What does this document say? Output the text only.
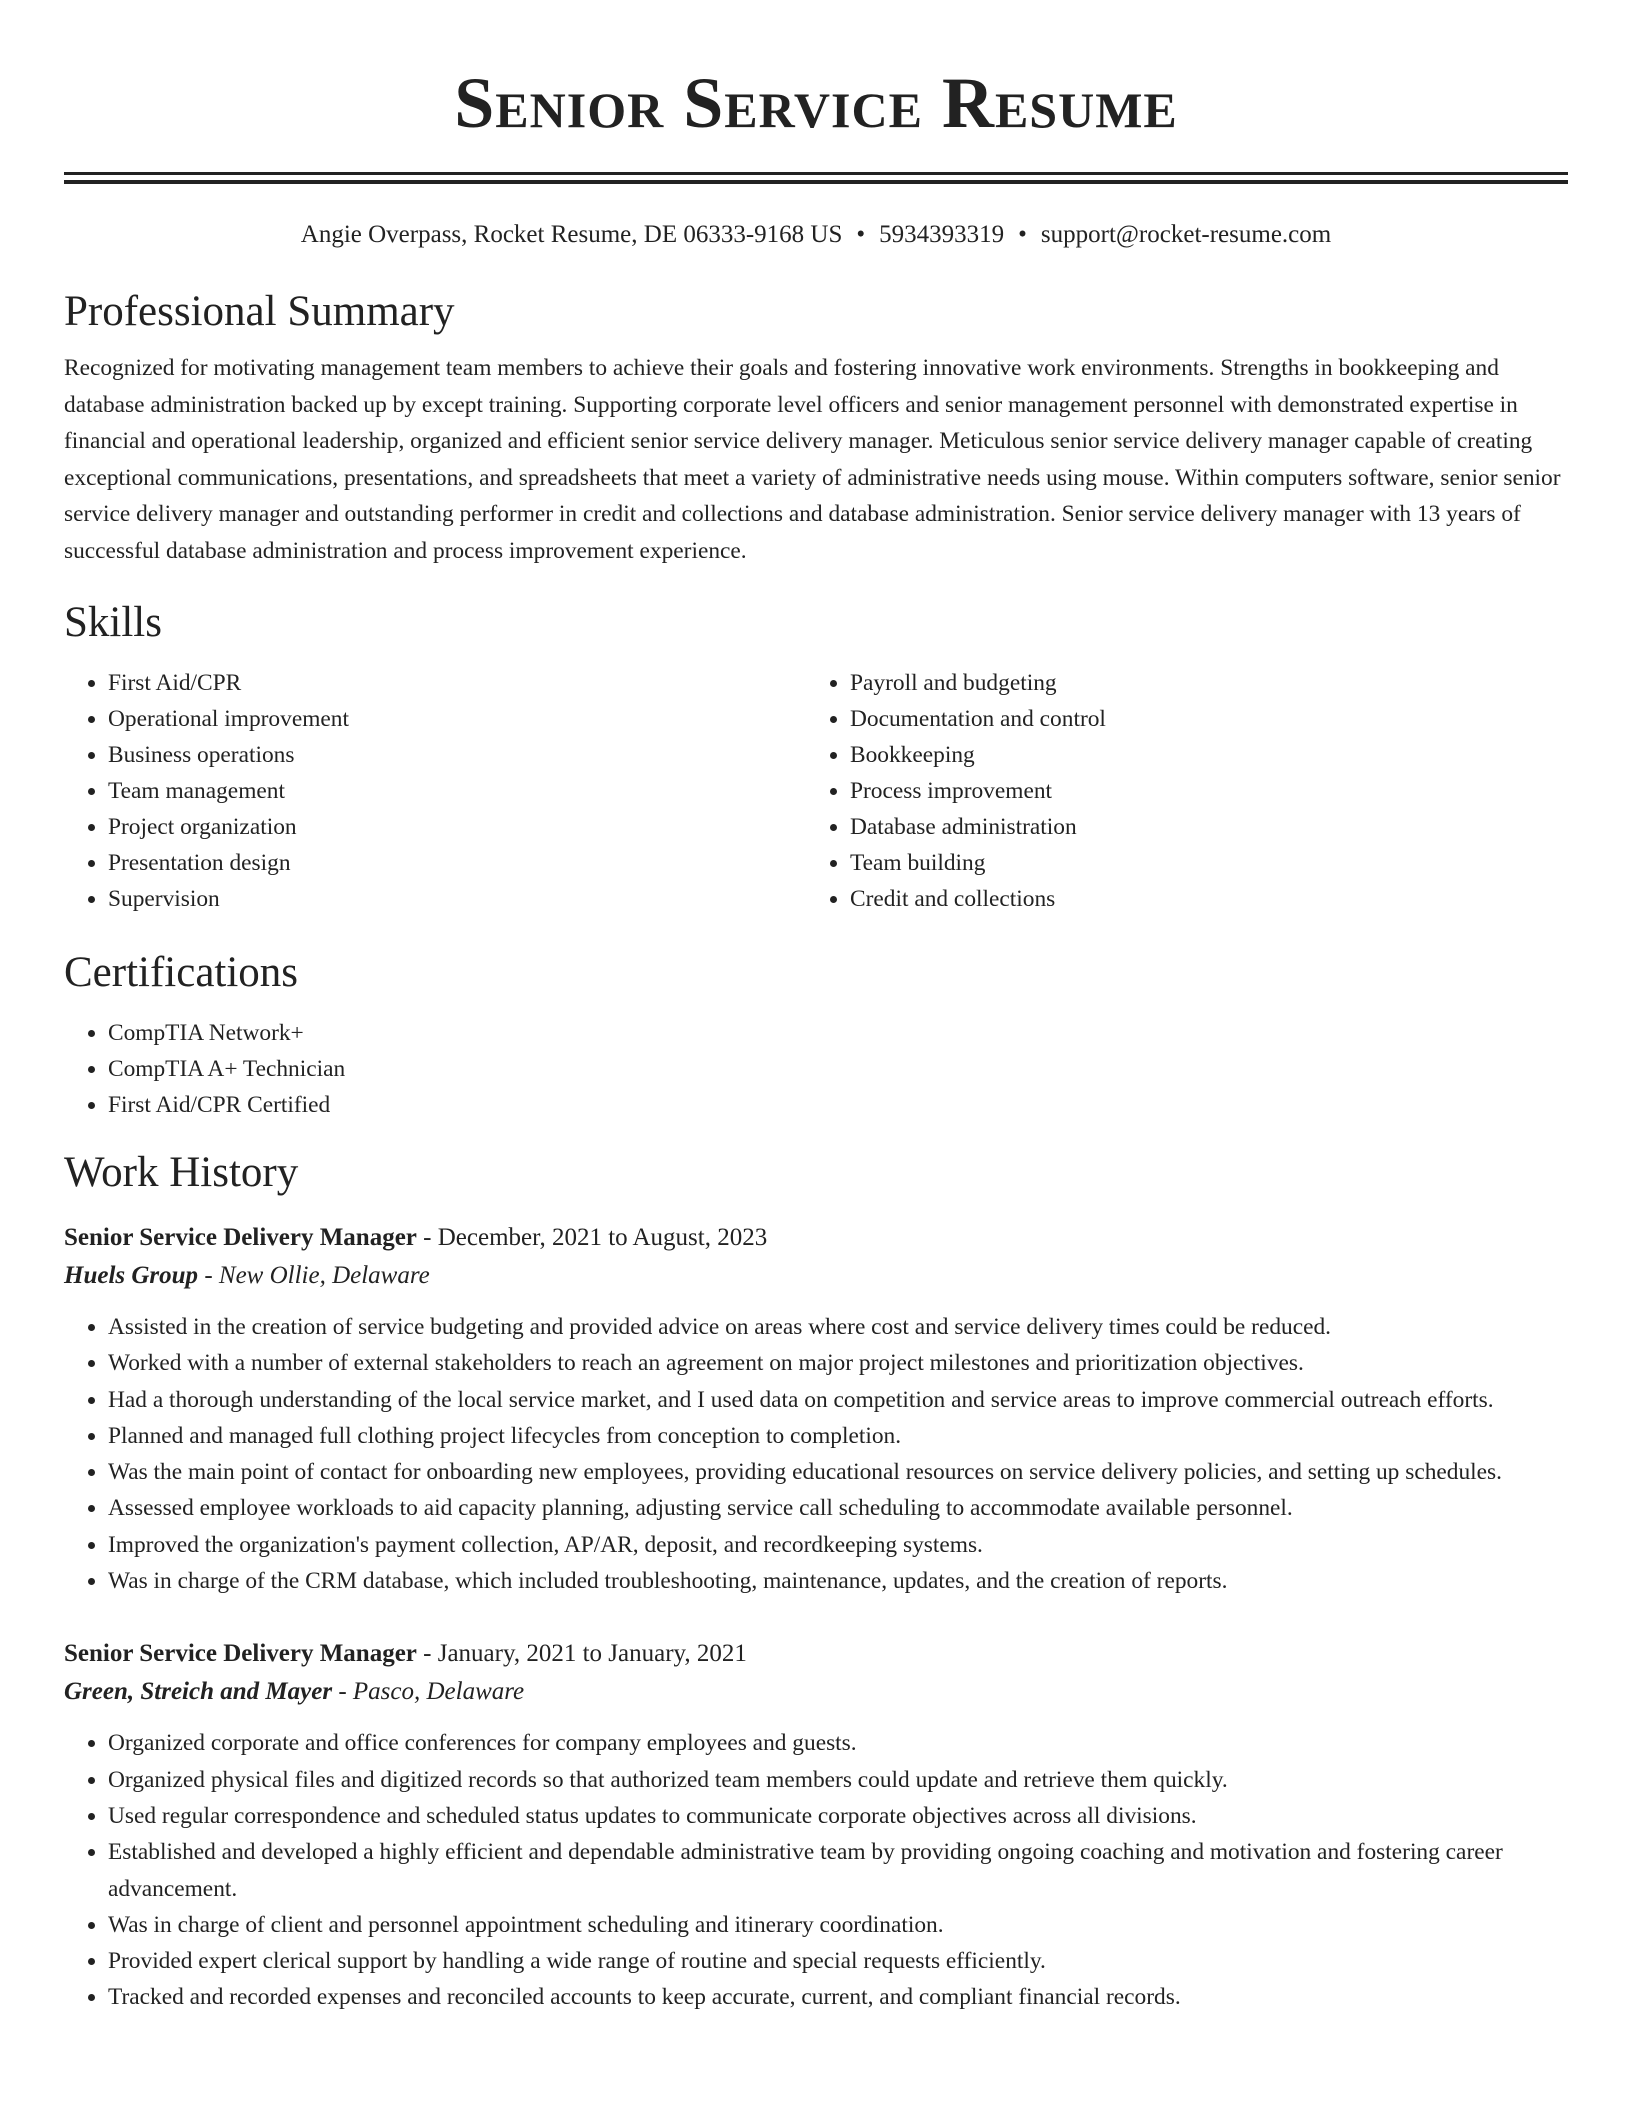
Senior Service Resume
Angie Overpass, Rocket Resume, DE 06333-9168 US • 5934393319 • support@rocket-resume.com
Professional Summary
Recognized for motivating management team members to achieve their goals and fostering innovative work environments. Strengths in bookkeeping and database administration backed up by except training. Supporting corporate level officers and senior management personnel with demonstrated expertise in financial and operational leadership, organized and efficient senior service delivery manager. Meticulous senior service delivery manager capable of creating exceptional communications, presentations, and spreadsheets that meet a variety of administrative needs using mouse. Within computers software, senior senior service delivery manager and outstanding performer in credit and collections and database administration. Senior service delivery manager with 13 years of successful database administration and process improvement experience.
Skills
• First Aid/CPR
• Operational improvement
• Business operations
• Team management
• Project organization
• Presentation design
• Supervision
• Payroll and budgeting
• Documentation and control
• Bookkeeping
• Process improvement
• Database administration
• Team building
• Credit and collections
Certifications
• CompTIA Network+
• CompTIA A+ Technician
• First Aid/CPR Certified
Work History
Senior Service Delivery Manager - December, 2021 to August, 2023
Huels Group - New Ollie, Delaware
• Assisted in the creation of service budgeting and provided advice on areas where cost and service delivery times could be reduced.
• Worked with a number of external stakeholders to reach an agreement on major project milestones and prioritization objectives.
• Had a thorough understanding of the local service market, and I used data on competition and service areas to improve commercial outreach efforts.
• Planned and managed full clothing project lifecycles from conception to completion.
• Was the main point of contact for onboarding new employees, providing educational resources on service delivery policies, and setting up schedules.
• Assessed employee workloads to aid capacity planning, adjusting service call scheduling to accommodate available personnel.
• Improved the organization's payment collection, AP/AR, deposit, and recordkeeping systems.
• Was in charge of the CRM database, which included troubleshooting, maintenance, updates, and the creation of reports.
Senior Service Delivery Manager - January, 2021 to January, 2021
Green, Streich and Mayer - Pasco, Delaware
• Organized corporate and office conferences for company employees and guests.
• Organized physical files and digitized records so that authorized team members could update and retrieve them quickly.
• Used regular correspondence and scheduled status updates to communicate corporate objectives across all divisions.
• Established and developed a highly efficient and dependable administrative team by providing ongoing coaching and motivation and fostering career advancement.
• Was in charge of client and personnel appointment scheduling and itinerary coordination.
• Provided expert clerical support by handling a wide range of routine and special requests efficiently.
• Tracked and recorded expenses and reconciled accounts to keep accurate, current, and compliant financial records.
